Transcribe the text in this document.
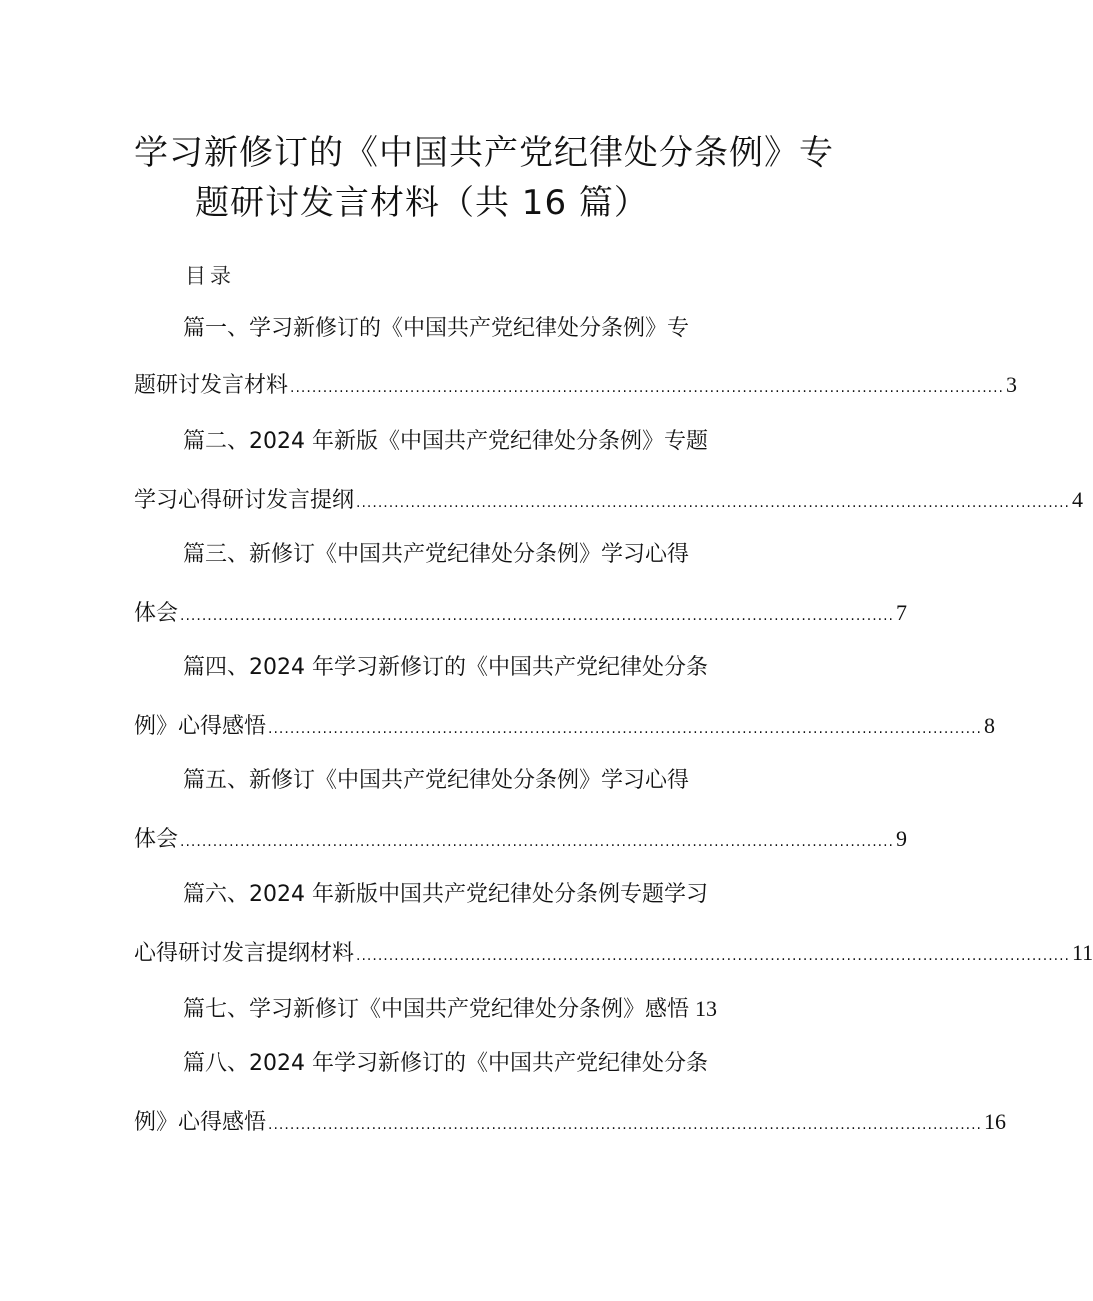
学习新修订的《中国共产党纪律处分条例》专
题研讨发言材料（共 16 篇）
目录
篇一、学习新修订的《中国共产党纪律处分条例》专
题研讨发言材料 ................................................................................................................................... 3
篇二、2024 年新版《中国共产党纪律处分条例》专题
学习心得研讨发言提纲 ................................................................................................................................... 4
篇三、新修订《中国共产党纪律处分条例》学习心得
体会 ................................................................................................................................... 7
篇四、2024 年学习新修订的《中国共产党纪律处分条
例》心得感悟 ................................................................................................................................... 8
篇五、新修订《中国共产党纪律处分条例》学习心得
体会 ................................................................................................................................... 9
篇六、2024 年新版中国共产党纪律处分条例专题学习
心得研讨发言提纲材料 ................................................................................................................................... 11
篇七、学习新修订《中国共产党纪律处分条例》感悟 13
篇八、2024 年学习新修订的《中国共产党纪律处分条
例》心得感悟 ................................................................................................................................... 16
